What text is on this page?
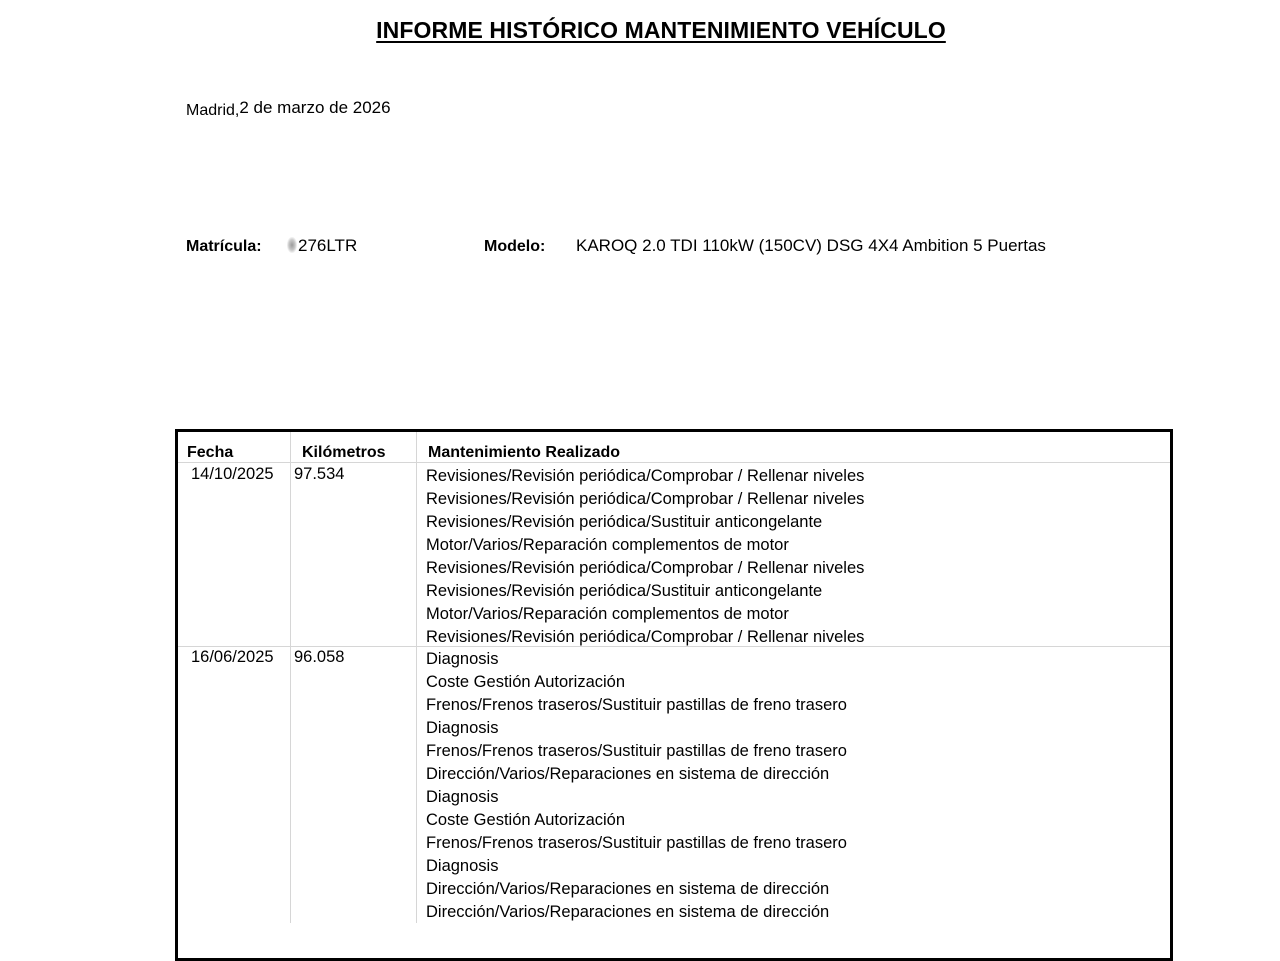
INFORME HISTÓRICO MANTENIMIENTO VEHÍCULO
Madrid,2 de marzo de 2026
Matrícula:	276LTR	Modelo: KAROQ 2.0 TDI 110kW (150CV) DSG 4X4 Ambition 5 Puertas
Fecha	Kilómetros	Mantenimiento Realizado
14/10/2025 97.534	Revisiones/Revisión periódica/Comprobar / Rellenar niveles
Revisiones/Revisión periódica/Comprobar / Rellenar niveles
Revisiones/Revisión periódica/Sustituir anticongelante
Motor/Varios/Reparación complementos de motor
Revisiones/Revisión periódica/Comprobar / Rellenar niveles
Revisiones/Revisión periódica/Sustituir anticongelante
Motor/Varios/Reparación complementos de motor
Revisiones/Revisión periódica/Comprobar / Rellenar niveles
16/06/2025 96.058	Diagnosis
Coste Gestión Autorización
Frenos/Frenos traseros/Sustituir pastillas de freno trasero
Diagnosis
Frenos/Frenos traseros/Sustituir pastillas de freno trasero
Dirección/Varios/Reparaciones en sistema de dirección
Diagnosis
Coste Gestión Autorización
Frenos/Frenos traseros/Sustituir pastillas de freno trasero
Diagnosis
Dirección/Varios/Reparaciones en sistema de dirección
Dirección/Varios/Reparaciones en sistema de dirección
